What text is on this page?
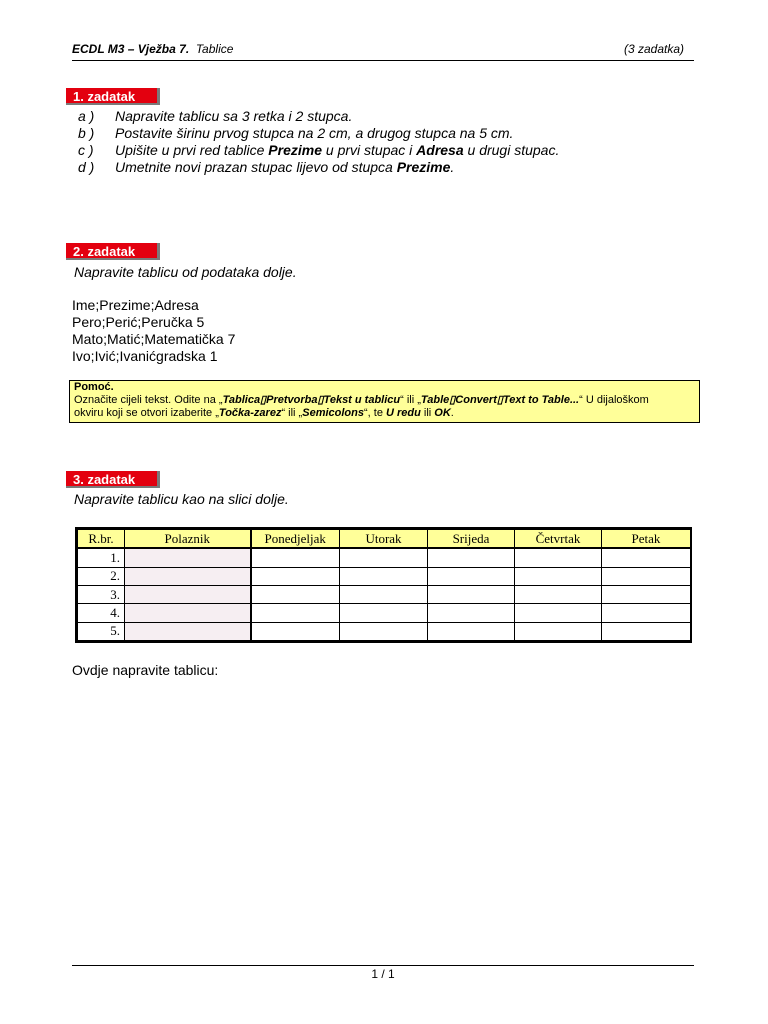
ECDL M3 – Vježba 7. Tablice	(3 zadatka)
1. zadatak
a ) Napravite tablicu sa 3 retka i 2 stupca.
b ) Postavite širinu prvog stupca na 2 cm, a drugog stupca na 5 cm.
c ) Upišite u prvi red tablice Prezime u prvi stupac i Adresa u drugi stupac.
d ) Umetnite novi prazan stupac lijevo od stupca Prezime.
2. zadatak
Napravite tablicu od podataka dolje.
Ime;Prezime;Adresa
Pero;Perić;Peručka 5
Mato;Matić;Matematička 7
Ivo;Ivić;Ivanićgradska 1
Pomoć.
Označite cijeli tekst. Odite na „Tablica▯Pretvorba▯Tekst u tablicu“ ili „Table▯Convert▯Text to Table...“ U dijaloškom
okviru koji se otvori izaberite „Točka-zarez“ ili „Semicolons“, te U redu ili OK.
3. zadatak
Napravite tablicu kao na slici dolje.
R.br.	Polaznik	Ponedjeljak	Utorak	Srijeda	Četvrtak	Petak
1.						
2.						
3.						
4.						
5.						
Ovdje napravite tablicu:
1 / 1
